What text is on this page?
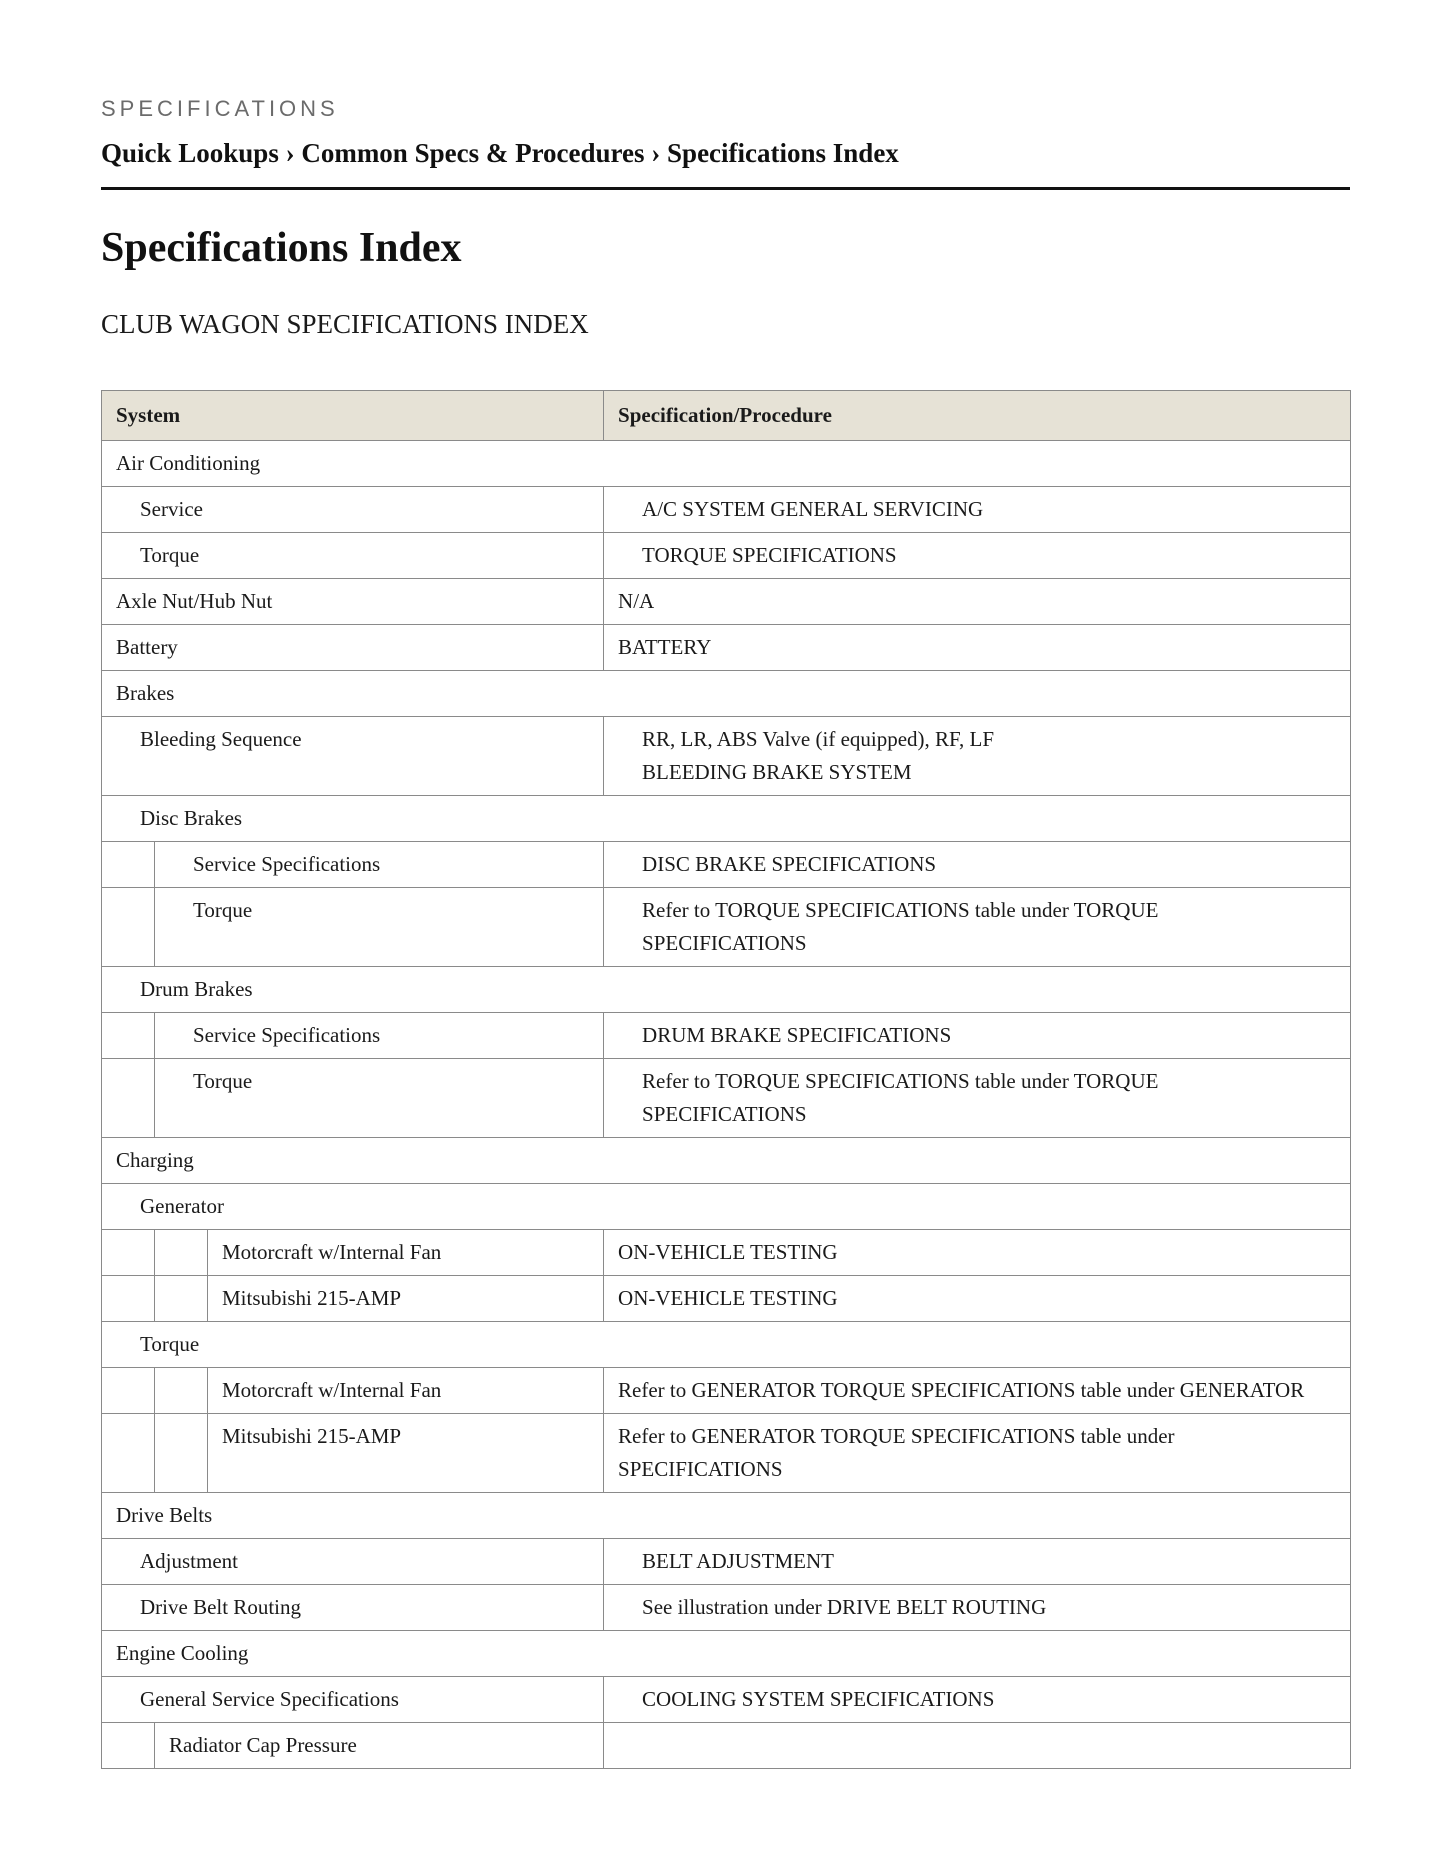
SPECIFICATIONS
Quick Lookups › Common Specs & Procedures › Specifications Index
Specifications Index
CLUB WAGON SPECIFICATIONS INDEX
System			Specification/Procedure
Air Conditioning			
Service			A/C SYSTEM GENERAL SERVICING
Torque			TORQUE SPECIFICATIONS
Axle Nut/Hub Nut			N/A
Battery			BATTERY
Brakes			
Bleeding Sequence			RR, LR, ABS Valve (if equipped), RF, LF
BLEEDING BRAKE SYSTEM

Disc Brakes			
	Service Specifications		DISC BRAKE SPECIFICATIONS
	Torque		Refer to TORQUE SPECIFICATIONS table under TORQUE
SPECIFICATIONS

Drum Brakes			
	Service Specifications		DRUM BRAKE SPECIFICATIONS
	Torque		Refer to TORQUE SPECIFICATIONS table under TORQUE
SPECIFICATIONS

Charging			
Generator			
		Motorcraft w/Internal Fan	ON-VEHICLE TESTING
		Mitsubishi 215-AMP	ON-VEHICLE TESTING
Torque			
		Motorcraft w/Internal Fan	Refer to GENERATOR TORQUE SPECIFICATIONS table under GENERATOR
		Mitsubishi 215-AMP	Refer to GENERATOR TORQUE SPECIFICATIONS table under
SPECIFICATIONS

Drive Belts			
Adjustment			BELT ADJUSTMENT
Drive Belt Routing			See illustration under DRIVE BELT ROUTING
Engine Cooling			
General Service Specifications			COOLING SYSTEM SPECIFICATIONS
	Radiator Cap Pressure		
